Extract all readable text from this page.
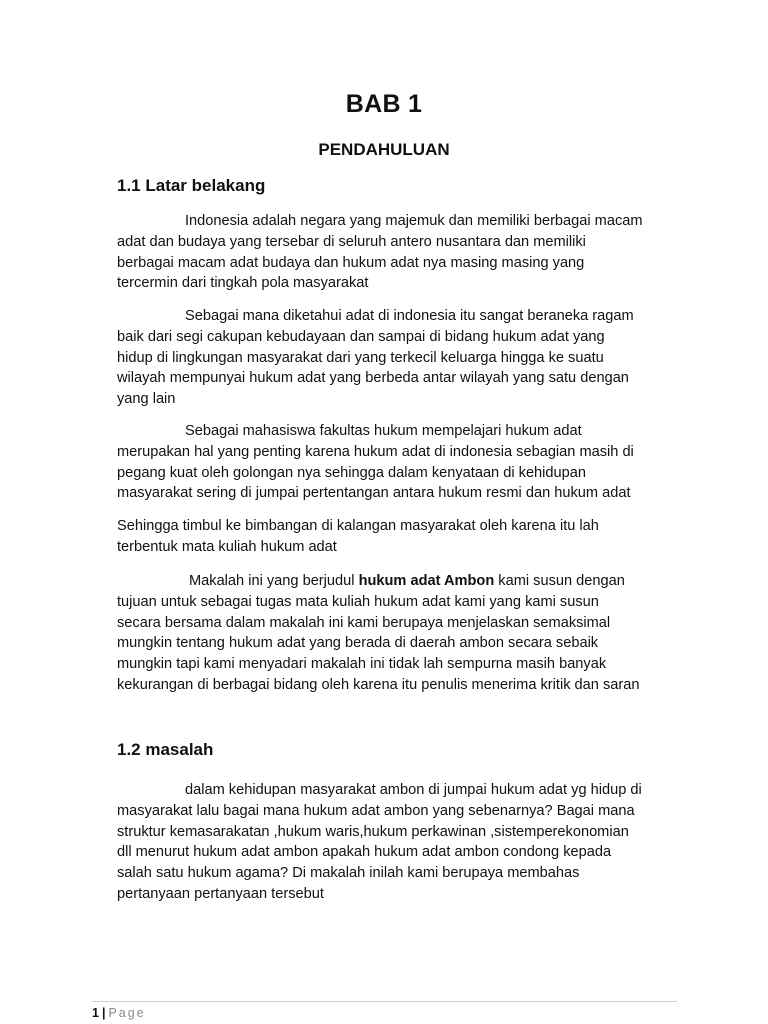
BAB 1
PENDAHULUAN
1.1 Latar belakang
Indonesia adalah negara yang majemuk dan memiliki berbagai macam
adat dan budaya yang tersebar di seluruh antero nusantara dan memiliki
berbagai macam adat budaya dan hukum adat nya masing masing yang
tercermin dari tingkah pola masyarakat
Sebagai mana diketahui adat di indonesia itu sangat beraneka ragam
baik dari segi cakupan kebudayaan dan sampai di bidang hukum adat yang
hidup di lingkungan masyarakat dari yang terkecil keluarga hingga ke suatu
wilayah mempunyai hukum adat yang berbeda antar wilayah yang satu dengan
yang lain
Sebagai mahasiswa fakultas hukum mempelajari hukum adat
merupakan hal yang penting karena hukum adat di indonesia sebagian masih di
pegang kuat oleh golongan nya sehingga dalam kenyataan di kehidupan
masyarakat sering di jumpai pertentangan antara hukum resmi dan hukum adat
Sehingga timbul ke bimbangan di kalangan masyarakat oleh karena itu lah
terbentuk mata kuliah hukum adat
Makalah ini yang berjudul hukum adat Ambon kami susun dengan
tujuan untuk sebagai tugas mata kuliah hukum adat kami yang kami susun
secara bersama dalam makalah ini kami berupaya menjelaskan semaksimal
mungkin tentang hukum adat yang berada di daerah ambon secara sebaik
mungkin tapi kami menyadari makalah ini tidak lah sempurna masih banyak
kekurangan di berbagai bidang oleh karena itu penulis menerima kritik dan saran
1.2 masalah
dalam kehidupan masyarakat ambon di jumpai hukum adat yg hidup di
masyarakat lalu bagai mana hukum adat ambon yang sebenarnya? Bagai mana
struktur kemasarakatan ,hukum waris,hukum perkawinan ,sistemperekonomian
dll menurut hukum adat ambon apakah hukum adat ambon condong kepada
salah satu hukum agama? Di makalah inilah kami berupaya membahas
pertanyaan pertanyaan tersebut
1 | Page
